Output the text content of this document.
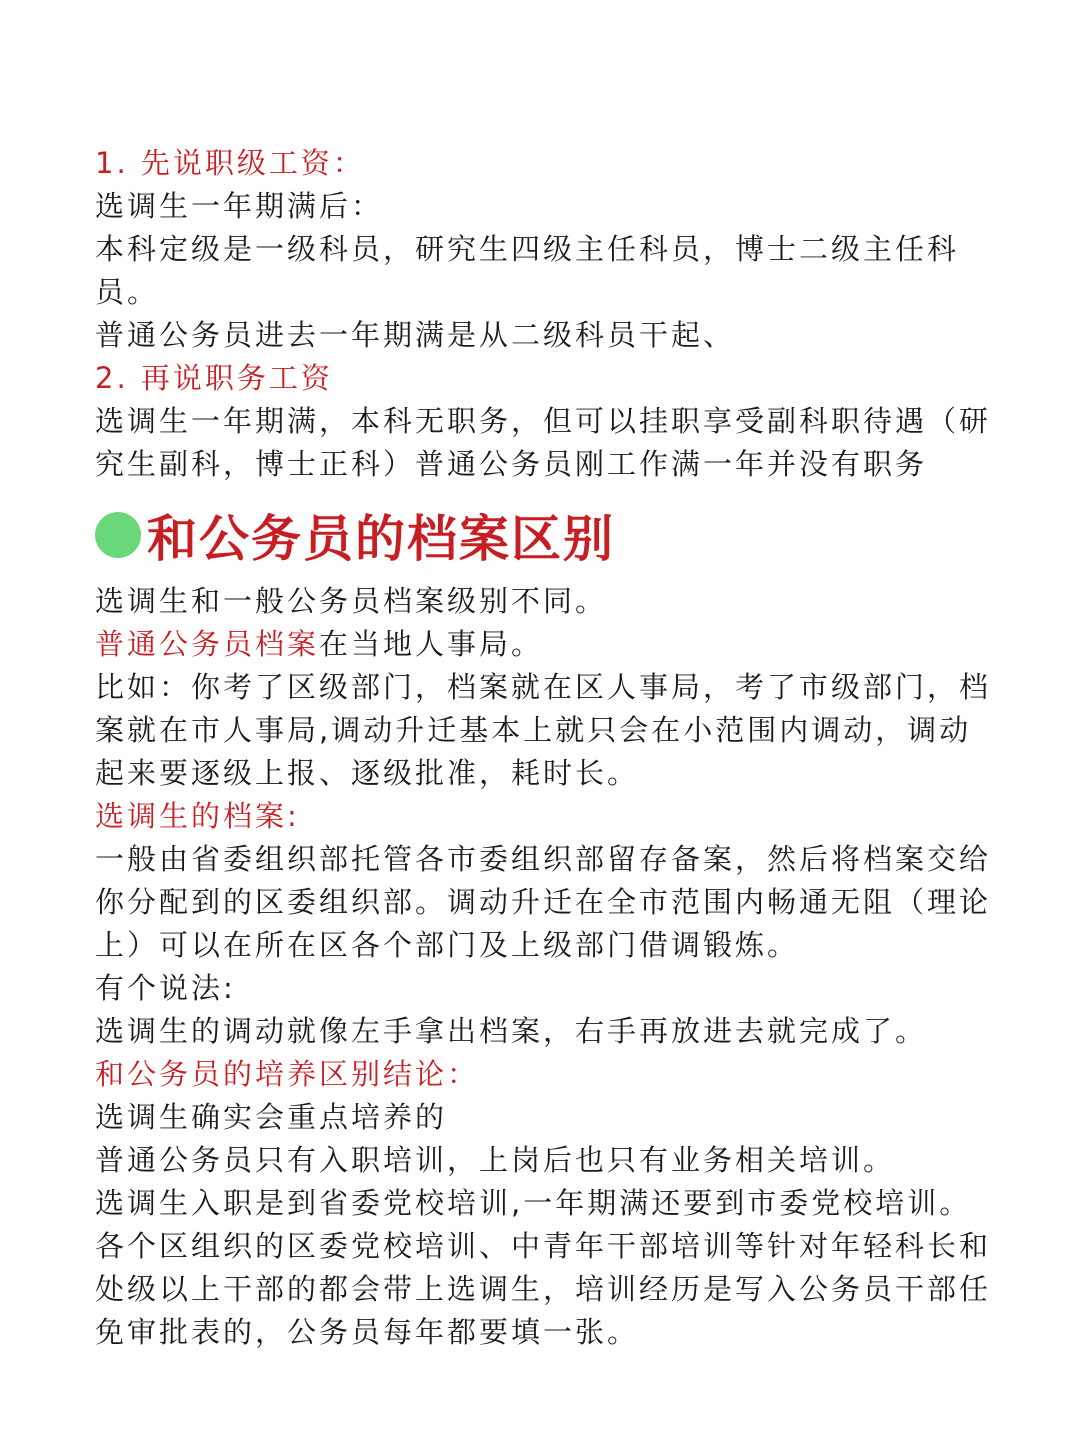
1. 先说职级工资：
选调生一年期满后：
本科定级是一级科员，研究生四级主任科员，博士二级主任科员。
普通公务员进去一年期满是从二级科员干起、
2. 再说职务工资
选调生一年期满，本科无职务，但可以挂职享受副科职待遇（研究生副科，博士正科）普通公务员刚工作满一年并没有职务
和公务员的档案区别
选调生和一般公务员档案级别不同。
普通公务员档案在当地人事局。
比如：你考了区级部门，档案就在区人事局，考了市级部门，档案就在市人事局,调动升迁基本上就只会在小范围内调动，调动起来要逐级上报、逐级批准，耗时长。
选调生的档案:
一般由省委组织部托管各市委组织部留存备案，然后将档案交给你分配到的区委组织部。调动升迁在全市范围内畅通无阻（理论上）可以在所在区各个部门及上级部门借调锻炼。
有个说法:
选调生的调动就像左手拿出档案，右手再放进去就完成了。
和公务员的培养区别结论：
选调生确实会重点培养的
普通公务员只有入职培训，上岗后也只有业务相关培训。
选调生入职是到省委党校培训,一年期满还要到市委党校培训。
各个区组织的区委党校培训、中青年干部培训等针对年轻科长和处级以上干部的都会带上选调生，培训经历是写入公务员干部任免审批表的，公务员每年都要填一张。
